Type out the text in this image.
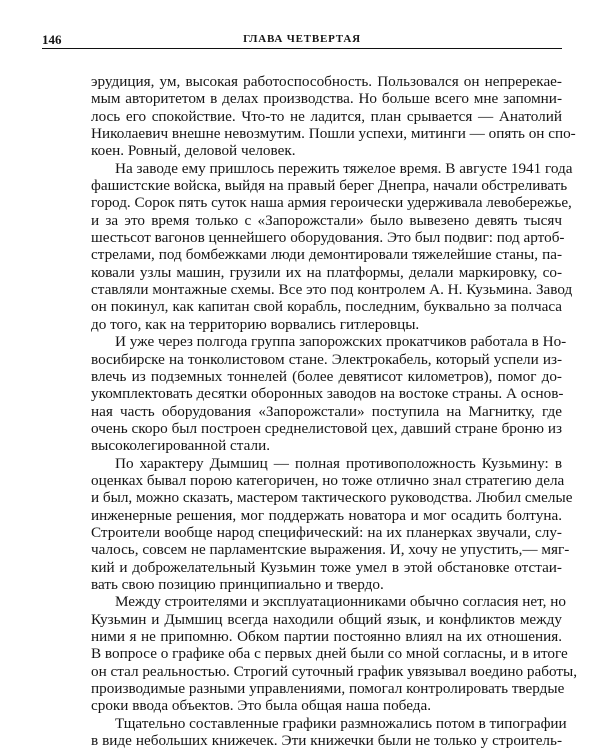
146	ГЛАВА ЧЕТВЕРТАЯ
эрудиция, ум, высокая работоспособность. Пользовался он непререкае-
мым авторитетом в делах производства. Но больше всего мне запомни-
лось его спокойствие. Что-то не ладится, план срывается — Анатолий
Николаевич внешне невозмутим. Пошли успехи, митинги — опять он спо-
коен. Ровный, деловой человек.
На заводе ему пришлось пережить тяжелое время. В августе 1941 года
фашистские войска, выйдя на правый берег Днепра, начали обстреливать
город. Сорок пять суток наша армия героически удерживала левобережье,
и за это время только с «Запорожстали» было вывезено девять тысяч
шестьсот вагонов ценнейшего оборудования. Это был подвиг: под артоб-
стрелами, под бомбежками люди демонтировали тяжелейшие станы, па-
ковали узлы машин, грузили их на платформы, делали маркировку, со-
ставляли монтажные схемы. Все это под контролем А. Н. Кузьмина. Завод
он покинул, как капитан свой корабль, последним, буквально за полчаса
до того, как на территорию ворвались гитлеровцы.
И уже через полгода группа запорожских прокатчиков работала в Но-
восибирске на тонколистовом стане. Электрокабель, который успели из-
влечь из подземных тоннелей (более девятисот километров), помог до-
укомплектовать десятки оборонных заводов на востоке страны. А основ-
ная часть оборудования «Запорожстали» поступила на Магнитку, где
очень скоро был построен среднелистовой цех, давший стране броню из
высоколегированной стали.
По характеру Дымшиц — полная противоположность Кузьмину: в
оценках бывал порою категоричен, но тоже отлично знал стратегию дела
и был, можно сказать, мастером тактического руководства. Любил смелые
инженерные решения, мог поддержать новатора и мог осадить болтуна.
Строители вообще народ специфический: на их планерках звучали, слу-
чалось, совсем не парламентские выражения. И, хочу не упустить,— мяг-
кий и доброжелательный Кузьмин тоже умел в этой обстановке отстаи-
вать свою позицию принципиально и твердо.
Между строителями и эксплуатационниками обычно согласия нет, но
Кузьмин и Дымшиц всегда находили общий язык, и конфликтов между
ними я не припомню. Обком партии постоянно влиял на их отношения.
В вопросе о графике оба с первых дней были со мной согласны, и в итоге
он стал реальностью. Строгий суточный график увязывал воедино работы,
производимые разными управлениями, помогал контролировать твердые
сроки ввода объектов. Это была общая наша победа.
Тщательно составленные графики размножались потом в типографии
в виде небольших книжечек. Эти книжечки были не только у строитель-
